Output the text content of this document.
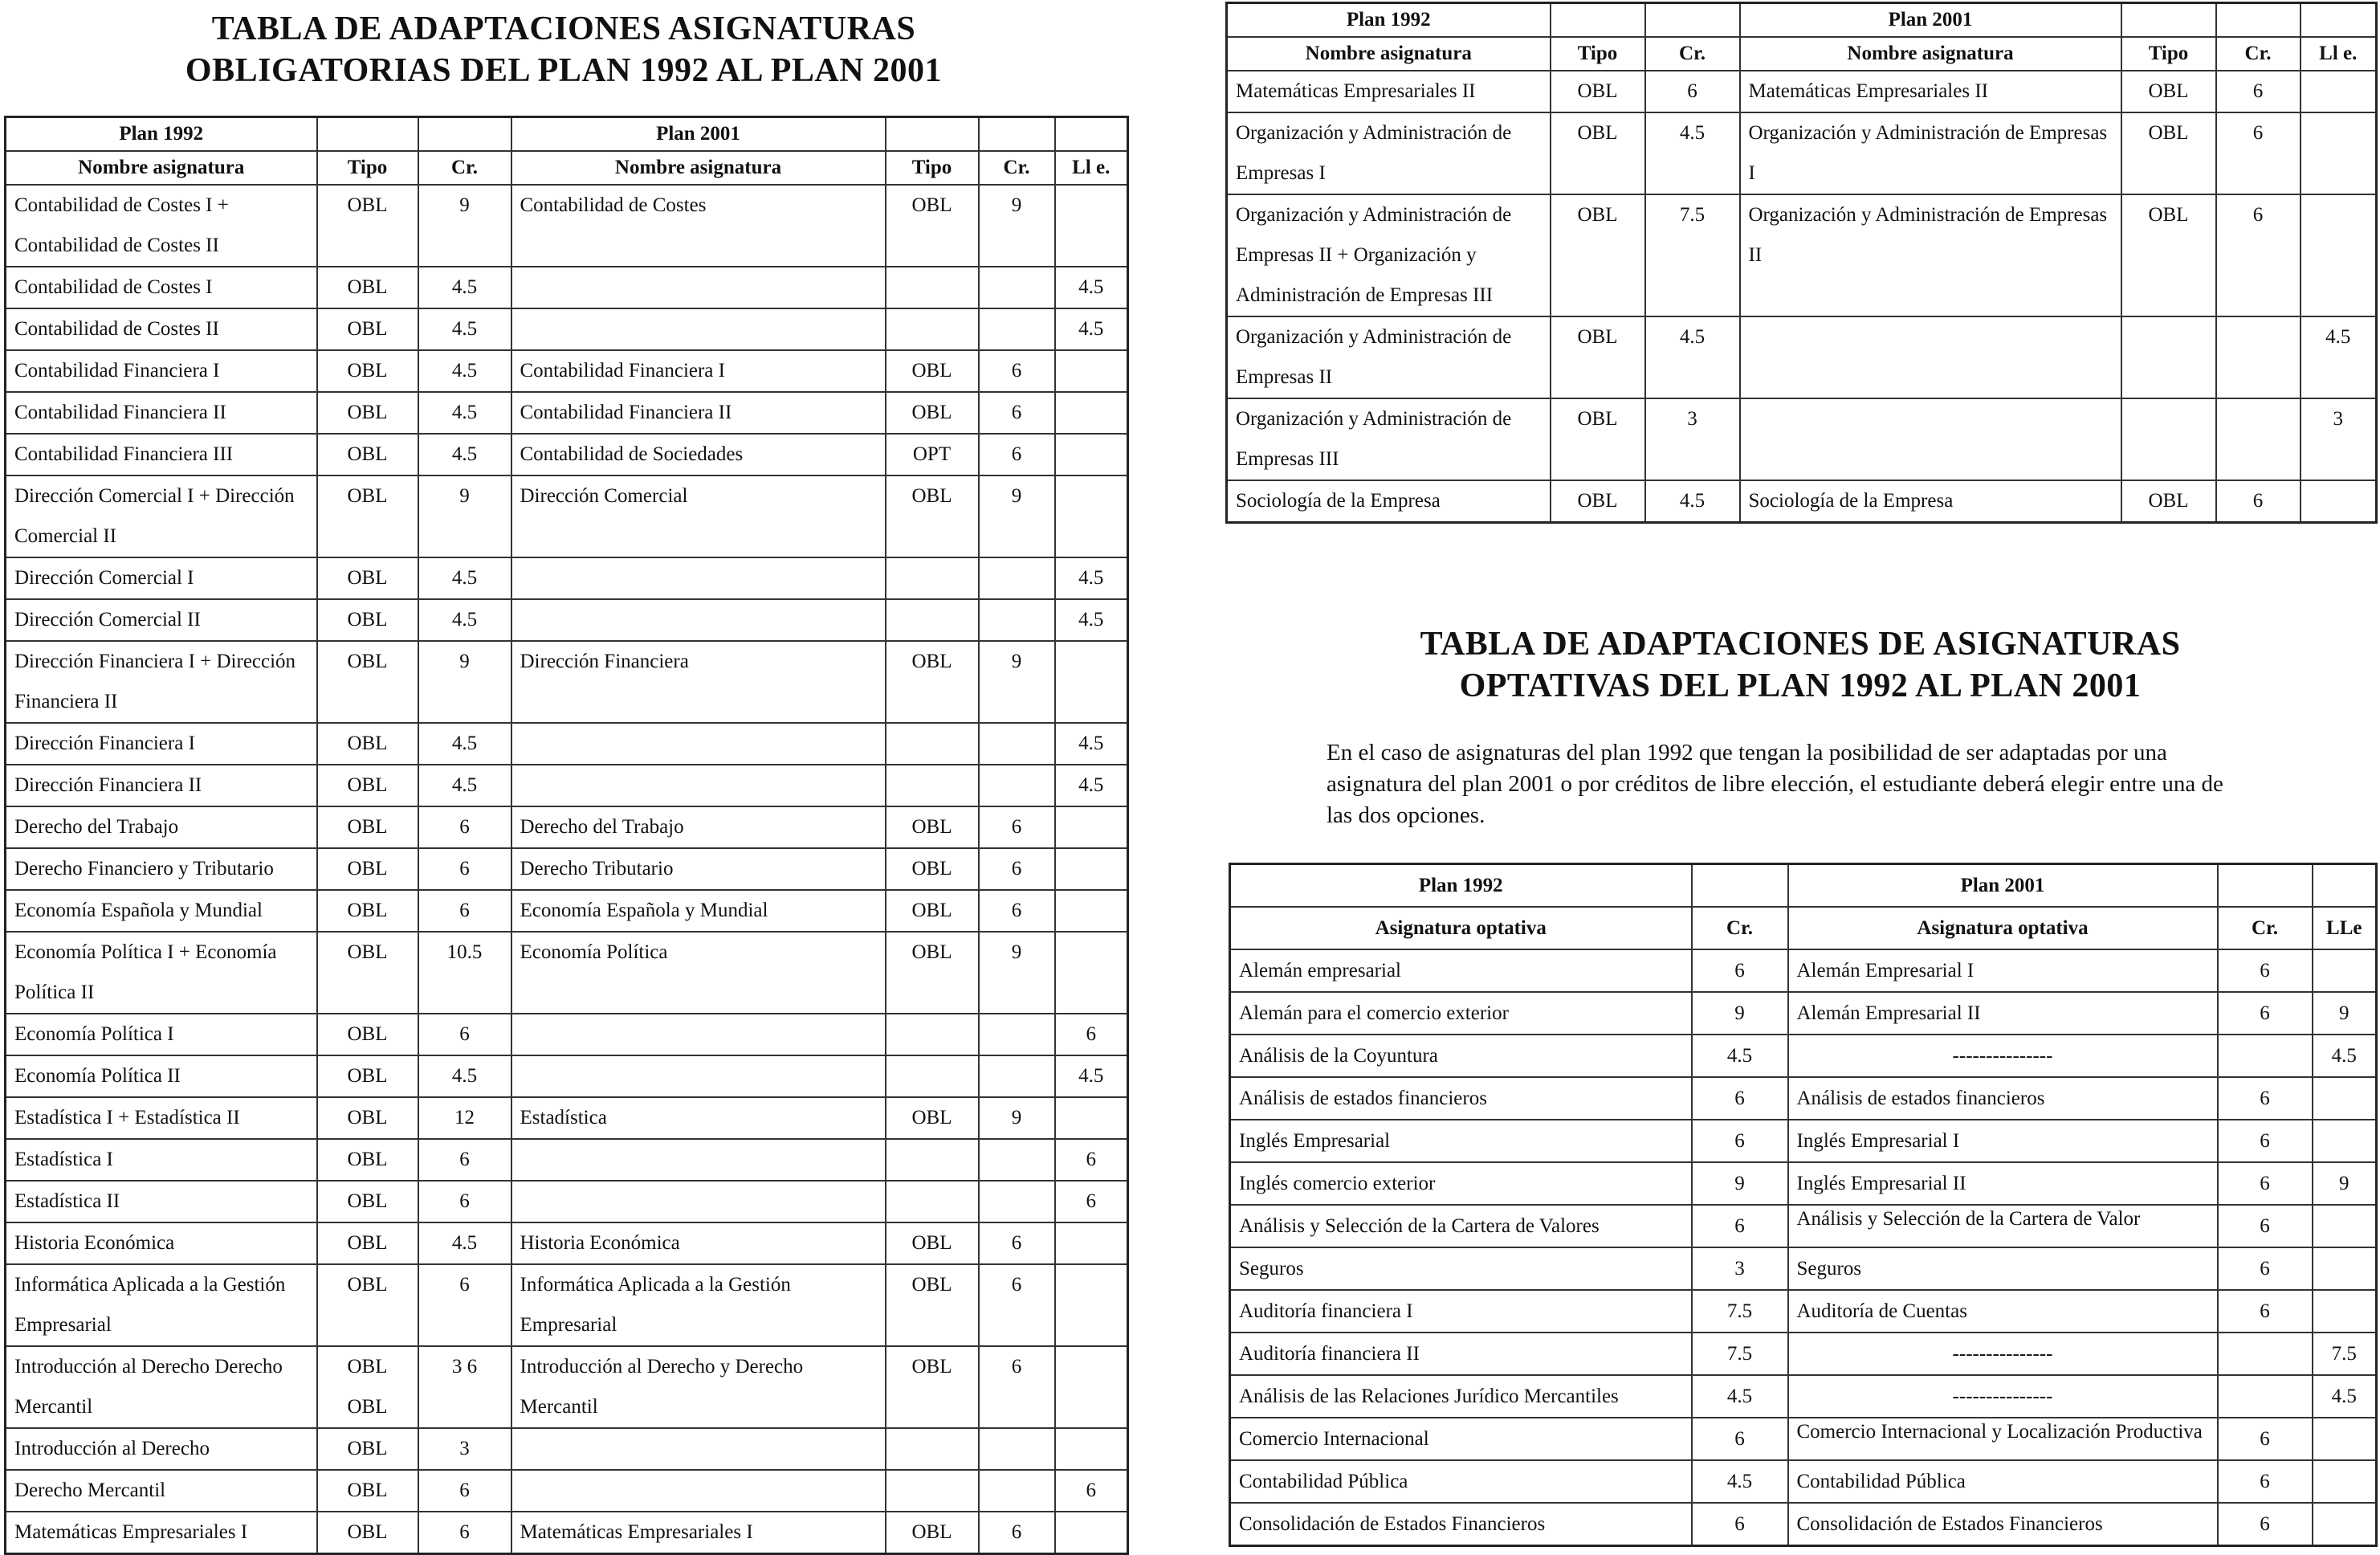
TABLA DE ADAPTACIONES ASIGNATURAS
OBLIGATORIAS DEL PLAN 1992 AL PLAN 2001
Plan 1992			Plan 2001			
Nombre asignatura	Tipo	Cr.	Nombre asignatura	Tipo	Cr.	Ll e.
Contabilidad de Costes I + Contabilidad de Costes II	OBL	9	Contabilidad de Costes	OBL	9	
Contabilidad de Costes I	OBL	4.5				4.5
Contabilidad de Costes II	OBL	4.5				4.5
Contabilidad Financiera I	OBL	4.5	Contabilidad Financiera I	OBL	6	
Contabilidad Financiera II	OBL	4.5	Contabilidad Financiera II	OBL	6	
Contabilidad Financiera III	OBL	4.5	Contabilidad de Sociedades	OPT	6	
Dirección Comercial I + Dirección Comercial II	OBL	9	Dirección Comercial	OBL	9	
Dirección Comercial I	OBL	4.5				4.5
Dirección Comercial II	OBL	4.5				4.5
Dirección Financiera I + Dirección Financiera II	OBL	9	Dirección Financiera	OBL	9	
Dirección Financiera I	OBL	4.5				4.5
Dirección Financiera II	OBL	4.5				4.5
Derecho del Trabajo	OBL	6	Derecho del Trabajo	OBL	6	
Derecho Financiero y Tributario	OBL	6	Derecho Tributario	OBL	6	
Economía Española y Mundial	OBL	6	Economía Española y Mundial	OBL	6	
Economía Política I + Economía Política II	OBL	10.5	Economía Política	OBL	9	
Economía Política I	OBL	6				6
Economía Política II	OBL	4.5				4.5
Estadística I + Estadística II	OBL	12	Estadística	OBL	9	
Estadística I	OBL	6				6
Estadística II	OBL	6				6
Historia Económica	OBL	4.5	Historia Económica	OBL	6	
Informática Aplicada a la Gestión Empresarial	OBL	6	Informática Aplicada a la Gestión Empresarial	OBL	6	
Introducción al Derecho Derecho Mercantil	OBL OBL	3 6	Introducción al Derecho y Derecho Mercantil	OBL	6	
Introducción al Derecho	OBL	3				
Derecho Mercantil	OBL	6				6
Matemáticas Empresariales I	OBL	6	Matemáticas Empresariales I	OBL	6	
Plan 1992			Plan 2001			
Nombre asignatura	Tipo	Cr.	Nombre asignatura	Tipo	Cr.	Ll e.
Matemáticas Empresariales II	OBL	6	Matemáticas Empresariales II	OBL	6	
Organización y Administración de Empresas I	OBL	4.5	Organización y Administración de Empresas I	OBL	6	
Organización y Administración de Empresas II + Organización y Administración de Empresas III	OBL	7.5	Organización y Administración de Empresas II	OBL	6	
Organización y Administración de Empresas II	OBL	4.5				4.5
Organización y Administración de Empresas III	OBL	3				3
Sociología de la Empresa	OBL	4.5	Sociología de la Empresa	OBL	6	
TABLA DE ADAPTACIONES DE ASIGNATURAS
OPTATIVAS DEL PLAN 1992 AL PLAN 2001
En el caso de asignaturas del plan 1992 que tengan la posibilidad de ser adaptadas por una asignatura del plan 2001 o por créditos de libre elección, el estudiante deberá elegir entre una de las dos opciones.
Plan 1992		Plan 2001		
Asignatura optativa	Cr.	Asignatura optativa	Cr.	LLe
Alemán empresarial	6	Alemán Empresarial I	6	
Alemán para el comercio exterior	9	Alemán Empresarial II	6	9
Análisis de la Coyuntura	4.5	---------------		4.5
Análisis de estados financieros	6	Análisis de estados financieros	6	
Inglés Empresarial	6	Inglés Empresarial I	6	
Inglés comercio exterior	9	Inglés Empresarial II	6	9
Análisis y Selección de la Cartera de Valores	6	Análisis y Selección de la Cartera de Valor	6	
Seguros	3	Seguros	6	
Auditoría financiera I	7.5	Auditoría de Cuentas	6	
Auditoría financiera II	7.5	---------------		7.5
Análisis de las Relaciones Jurídico Mercantiles	4.5	---------------		4.5
Comercio Internacional	6	Comercio Internacional y Localización Productiva	6	
Contabilidad Pública	4.5	Contabilidad Pública	6	
Consolidación de Estados Financieros	6	Consolidación de Estados Financieros	6	
